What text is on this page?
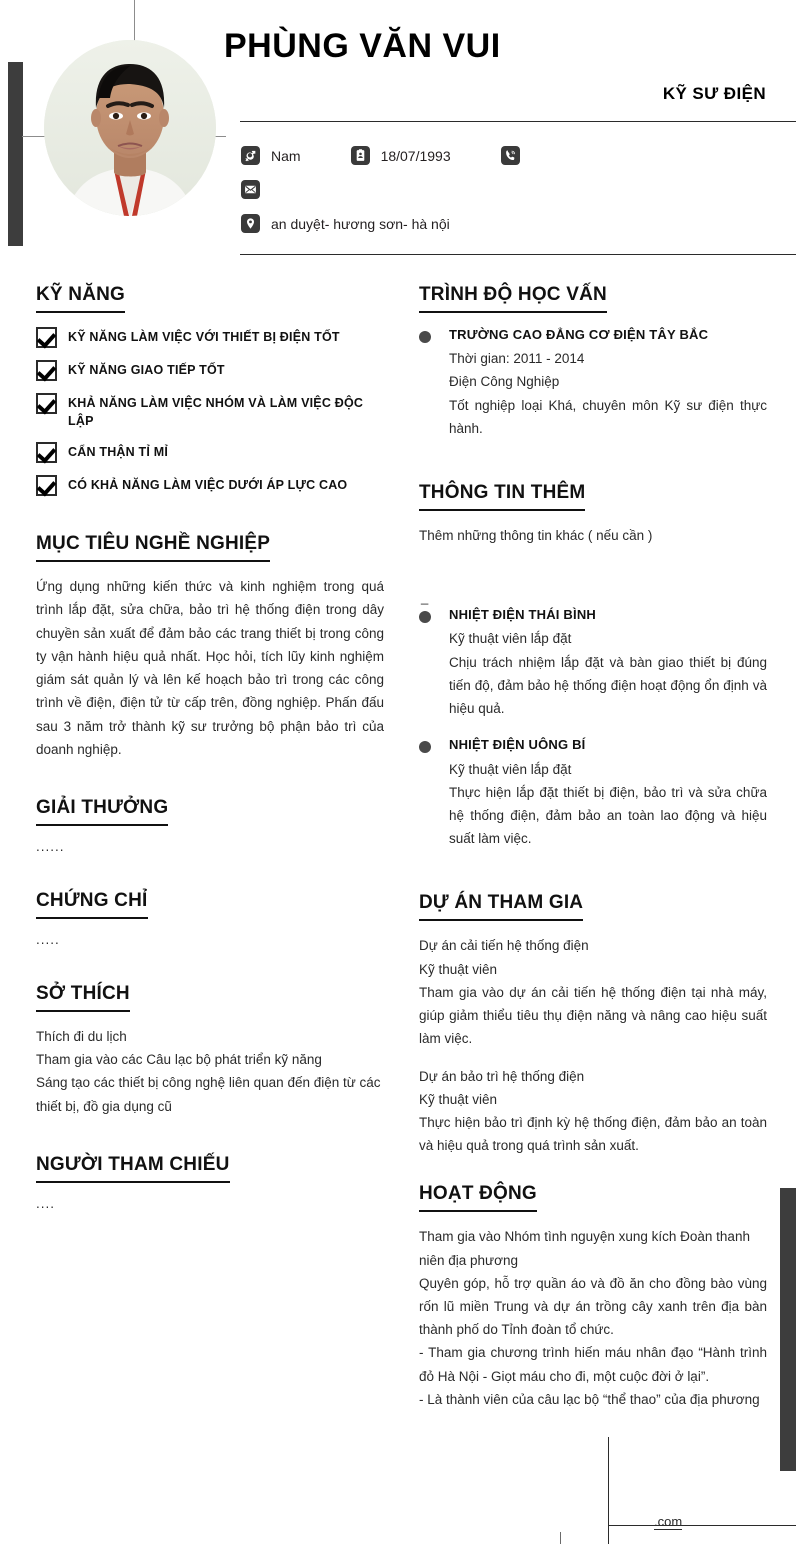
PHÙNG VĂN VUI
KỸ SƯ ĐIỆN
Nam	18/07/1993
an duyệt- hương sơn- hà nội
KỸ NĂNG
KỸ NĂNG LÀM VIỆC VỚI THIẾT BỊ ĐIỆN TỐT
KỸ NĂNG GIAO TIẾP TỐT
KHẢ NĂNG LÀM VIỆC NHÓM VÀ LÀM VIỆC ĐỘC LẬP
CẨN THẬN TỈ MỈ
CÓ KHẢ NĂNG LÀM VIỆC DƯỚI ÁP LỰC CAO
MỤC TIÊU NGHỀ NGHIỆP

Ứng dụng những kiến thức và kinh nghiệm trong quá trình lắp đặt, sửa chữa, bảo trì hệ thống điện trong dây chuyền sản xuất để đảm bảo các trang thiết bị trong công ty vận hành hiệu quả nhất. Học hỏi, tích lũy kinh nghiệm giám sát quản lý và lên kế hoạch bảo trì trong các công trình về điện, điện tử từ cấp trên, đồng nghiệp. Phấn đấu sau 3 năm trở thành kỹ sư trưởng bộ phận bảo trì của doanh nghiệp.

GIẢI THƯỞNG
......
CHỨNG CHỈ
.....
SỞ THÍCH

Thích đi du lịch

Tham gia vào các Câu lạc bộ phát triển kỹ năng

Sáng tạo các thiết bị công nghệ liên quan đến điện từ các thiết bị, đồ gia dụng cũ

NGƯỜI THAM CHIẾU
....
TRÌNH ĐỘ HỌC VẤN
TRƯỜNG CAO ĐẲNG CƠ ĐIỆN TÂY BẮC
Thời gian: 2011 - 2014
Điện Công Nghiệp
Tốt nghiệp loại Khá, chuyên môn Kỹ sư điện thực hành.
THÔNG TIN THÊM

Thêm những thông tin khác ( nếu cần )

_
NHIỆT ĐIỆN THÁI BÌNH
Kỹ thuật viên lắp đặt
Chịu trách nhiệm lắp đặt và bàn giao thiết bị đúng tiến độ, đảm bảo hệ thống điện hoạt động ổn định và hiệu quả.
NHIỆT ĐIỆN UÔNG BÍ
Kỹ thuật viên lắp đặt
Thực hiện lắp đặt thiết bị điện, bảo trì và sửa chữa hệ thống điện, đảm bảo an toàn lao động và hiệu suất làm việc.
DỰ ÁN THAM GIA
Dự án cải tiến hệ thống điện
Kỹ thuật viên
Tham gia vào dự án cải tiến hệ thống điện tại nhà máy, giúp giảm thiểu tiêu thụ điện năng và nâng cao hiệu suất làm việc.
Dự án bảo trì hệ thống điện
Kỹ thuật viên
Thực hiện bảo trì định kỳ hệ thống điện, đảm bảo an toàn và hiệu quả trong quá trình sản xuất.
HOẠT ĐỘNG

Tham gia vào Nhóm tình nguyện xung kích Đoàn thanh niên địa phương

Quyên góp, hỗ trợ quần áo và đồ ăn cho đồng bào vùng rốn lũ miền Trung và dự án trồng cây xanh trên địa bàn thành phố do Tỉnh đoàn tổ chức.

- Tham gia chương trình hiến máu nhân đạo “Hành trình đỏ Hà Nội - Giọt máu cho đi, một cuộc đời ở lại”.

- Là thành viên của câu lạc bộ “thể thao” của địa phương

.com
